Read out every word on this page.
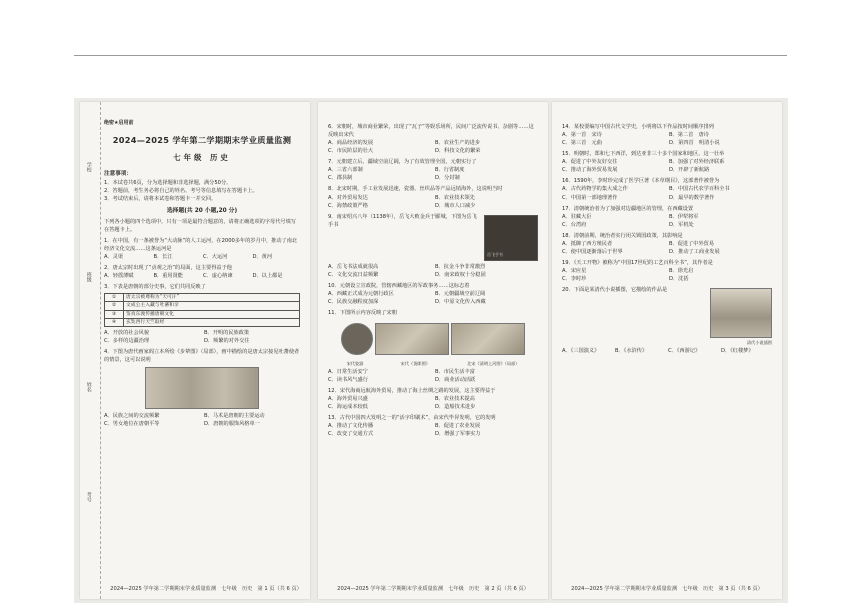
学校
班级
姓名
考号
绝密★启用前
2024—2025 学年第二学期期末学业质量监测
七年级 历史
注意事项：
1．本试卷共6页，分为选择题和非选择题，满分50分。
2．答题前，考生务必将自己的姓名、考号等信息填写在答题卡上。
3．考试结束后，请将本试卷和答题卡一并交回。
选择题(共 20 小题,20 分)
下列各小题的四个选项中，只有一项是最符合题意的，请将正确选项的字母代号填写在答题卡上。
1．在中国，有一条被誉为“大动脉”的人工运河，在2000多年的岁月中，推动了南北经济文化交流……这条运河是
A．灵渠	B．长江	C．大运河	D．黄河
2．唐太宗时出现了“贞观之治”的局面，这主要得益于他
A．轻徭薄赋	B．重用贤能	C．虚心纳谏	D．以上都是
3．下表是唐朝的部分史事，它们共同反映了
①	唐太宗被尊称为“天可汗”
②	文成公主入藏与吐蕃和亲
③	鉴真东渡传播唐朝文化
④	玄奘西行天竺取经
A．开放的社会风貌	B．开明的民族政策
C．多样的边疆治理	D．频繁的对外交往
4．下图为唐代画家阎立本所绘《步辇图》（局部），画中描绘的是唐太宗接见吐蕃使者的情景，这可以说明
A．民族之间的交流频繁	B．马术是唐朝的主要运动
C．男女地位在唐朝平等	D．唐朝的服饰风格单一
2024—2025 学年第二学期期末学业质量监测　七年级　历史　第 1 页（共 6 页）
6．宋朝时，城市商业繁荣，出现了“瓦子”等娱乐场所，民间广泛流传说书、杂剧等……这反映出宋代
A．商品经济的发展	B．农业生产的进步
C．市民阶层的壮大	D．科技文化的繁荣
7．元朝建立后，疆域空前辽阔，为了有效管理全国，元朝实行了
A．三省六部制	B．行省制度
C．郡县制	D．分封制
8．北宋时期，手工业发展迅速，瓷器、丝织品等产品远销海外，这说明当时
A．对外贸易发达	B．农业技术领先
C．海禁政策严格	D．城市人口减少
岳飞手书
9．南宋绍兴八年（1138年），岳飞大败金兵于郾城，下图为岳飞手书
A．岳飞书法成就很高	B．抗金斗争非常激烈
C．文化交流日益频繁	D．南宋政权十分稳固
10．元朝设立宣政院，管辖西藏地区的军政事务……这标志着
A．西藏正式成为元朝行政区	B．元朝疆域空前辽阔
C．民族交融程度加深	D．中原文化传入西藏
11．下图所示内容反映了宋朝

宋代瓷器	宋代《货郎图》	北宋《清明上河图》（局部）
A．日常生活安宁	B．市民生活丰富
C．读书风气盛行	D．商业活动活跃
12．宋代海商远航海外贸易，推动了海上丝绸之路的发展，这主要得益于
A．海外贸易兴盛	B．农业技术提高
C．海运成本较低	D．造船技术进步
13．古代中国四大发明之一的“活字印刷术”，由宋代毕昇发明，它的发明
A．推动了文化传播	B．促进了农业发展
C．改变了交通方式	D．增强了军事实力
2024—2025 学年第二学期期末学业质量监测　七年级　历史　第 2 页（共 6 页）
14．某校要编写中国古代文学史，小明将以下作品按时间顺序排列
A．第一首　宋诗	B．第二首　唐诗
C．第三首　元曲	D．第四首　明清小说
15．明朝时，郑和七下西洋，到达亚非三十多个国家和地区，这一壮举
A．促进了中外友好交往	B．加强了对外经济联系
C．推动了海外贸易发展	D．开辟了新航路
16．1590年，李时珍完成了医学巨著《本草纲目》，这部著作被誉为
A．古代药物学的集大成之作	B．中国古代农学百科全书
C．中国第一部地理著作	D．最早的数学著作
17．清朝统治者为了加强对边疆地区的管理，在西藏设置
A．驻藏大臣	B．伊犁将军
C．台湾府	D．军机处
18．清朝前期，统治者实行闭关锁国政策，其影响是
A．抵御了西方殖民者	B．促进了中外贸易
C．使中国逐渐落后于世界	D．推动了工商业发展
19．《天工开物》被称为“中国17世纪的工艺百科全书”，其作者是
A．宋应星	B．徐光启
C．李时珍	D．沈括
20．下面是某清代小说插图，它描绘的作品是
清代小说插图
A．《三国演义》	B．《水浒传》	C．《西游记》	D．《红楼梦》
2024—2025 学年第二学期期末学业质量监测　七年级　历史　第 3 页（共 6 页）
